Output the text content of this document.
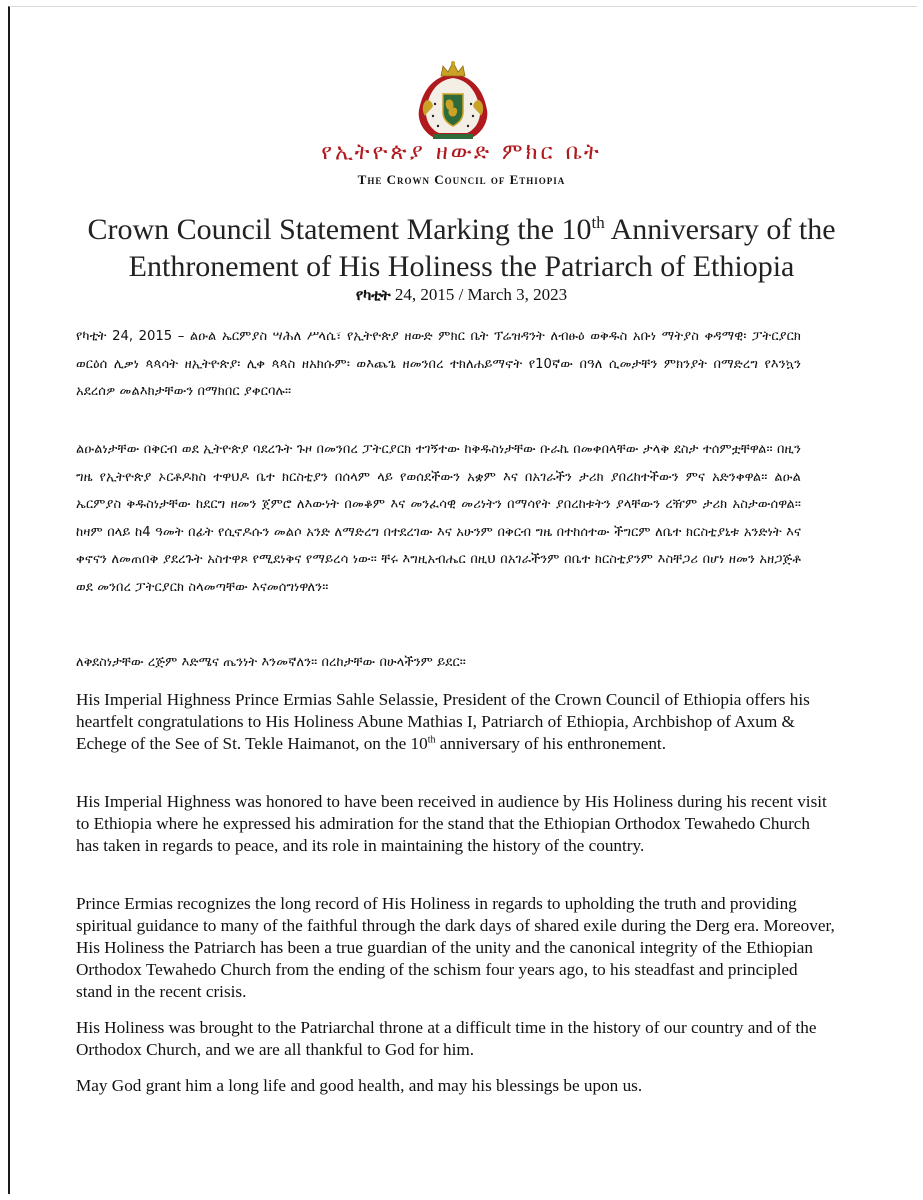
የኢትዮጵያ ዘውድ ምክር ቤት
The Crown Council of Ethiopia
Crown Council Statement Marking the 10th Anniversary of the
Enthronement of His Holiness the Patriarch of Ethiopia
የካቲት 24, 2015 / March 3, 2023
የካቲት 24, 2015 – ልዑል ኤርምያስ ሣሕለ ሥላሴ፣ የኢትዮጵያ ዘውድ ምክር ቤት ፕሬዝዳንት ለብፁዕ ወቅዱስ አቡነ ማትያስ ቀዳማዊ፡ ፓትርያርክ ወርዕሰ ሊቃነ ጳጳሳት ዘኢትዮጵያ፡ ሊቀ ጳጳስ ዘአክሱም፡ ወእጨጌ ዘመንበረ ተክለሐይማኖት የ10ኛው በዓለ ሲመታቸን ምክንያት በማድረግ የእንኳን አደረሰዎ መልእክታቸውን በማክበር ያቀርባሉ።
ልዑልነታቸው በቅርብ ወደ ኢትዮጵያ ባደረጉት ጉዞ በመንበረ ፓትርያርክ ተገኝተው ከቅዱስነታቸው ቡራኬ በመቀበላቸው ታላቅ ደስታ ተሰምቷቸዋል። በዚን ግዜ የኢትዮጵያ ኦርቶዶክስ ተዋህዶ ቤተ ክርስቲያን በሰላም ላይ የወሰደችውን አቋም እና በአገራችን ታሪክ ያበረከተችውን ምና አድንቀዋል። ልዑል ኤርምያስ ቅዱስነታቸው ከደርግ ዘመን ጀምሮ ለእውነት በመቆም እና መንፈሳዊ መሪነትን በማሳየት ያበረከቱትን ያላቸውን ረዥም ታሪክ አስታውሰዋል። ከዛም በላይ ከ4 ዓመት በፊት የሲኖዶሱን መልሶ አንድ ለማድረግ በተደረገው እና አሁንም በቅርብ ግዜ በተከሰተው ችግርም ለቤተ ክርስቲያኒቱ አንድነት እና ቀኖናን ለመጠበቅ ያደረጉት አስተዋጾ የሚደነቅና የማይረሳ ነው። ቸሩ እግዚአብሔር በዚህ በአገራችንም በቤተ ክርስቲያንም እስቸጋሪ በሆነ ዘመን አዘጋጅቶ ወደ መንበረ ፓትርያርክ ስላመጣቸው እናመሰግነዋለን።
ለቅደስነታቸው ረጅም እድሜና ጤንነት እንመኛለን። በረከታቸው በሁላችንም ይደር።
His Imperial Highness Prince Ermias Sahle Selassie, President of the Crown Council of Ethiopia offers his heartfelt congratulations to His Holiness Abune Mathias I, Patriarch of Ethiopia, Archbishop of Axum & Echege of the See of St. Tekle Haimanot, on the 10th anniversary of his enthronement.
His Imperial Highness was honored to have been received in audience by His Holiness during his recent visit to Ethiopia where he expressed his admiration for the stand that the Ethiopian Orthodox Tewahedo Church has taken in regards to peace, and its role in maintaining the history of the country.
Prince Ermias recognizes the long record of His Holiness in regards to upholding the truth and providing spiritual guidance to many of the faithful through the dark days of shared exile during the Derg era. Moreover, His Holiness the Patriarch has been a true guardian of the unity and the canonical integrity of the Ethiopian Orthodox Tewahedo Church from the ending of the schism four years ago, to his steadfast and principled stand in the recent crisis.
His Holiness was brought to the Patriarchal throne at a difficult time in the history of our country and of the Orthodox Church, and we are all thankful to God for him.
May God grant him a long life and good health, and may his blessings be upon us.
